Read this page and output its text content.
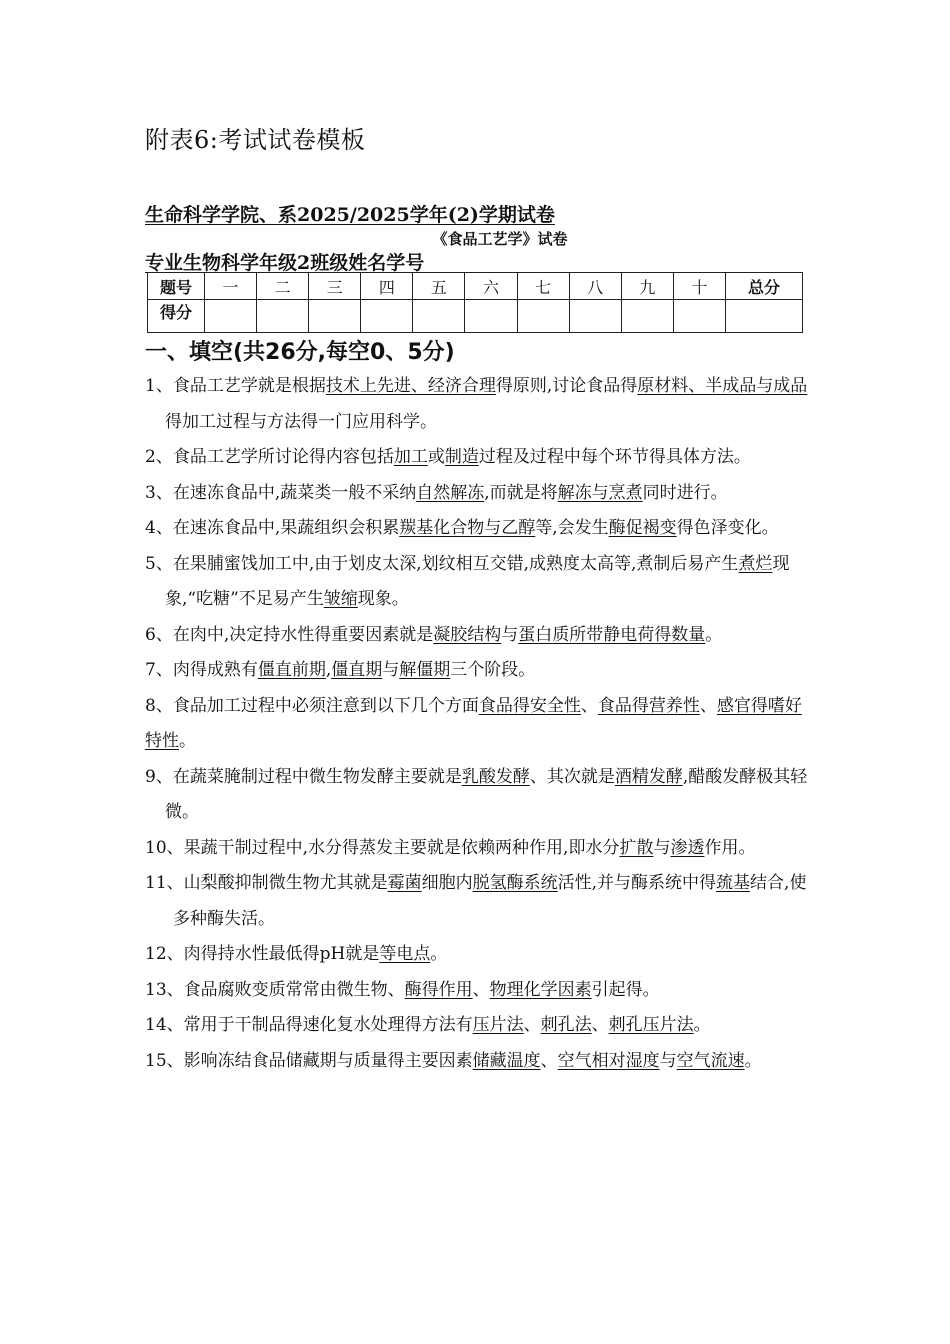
附表6:考试试卷模板
生命科学学院、系2025/2025学年(2)学期试卷
《食品工艺学》试卷
专业生物科学年级2班级姓名学号
题号	一	二	三	四	五	六	七	八	九	十	总分
得分											
一、填空(共26分,每空0、5分)

1、食品工艺学就是根据技术上先进、经济合理得原则,讨论食品得原材料、半成品与成品得加工过程与方法得一门应用科学。

2、食品工艺学所讨论得内容包括加工或制造过程及过程中每个环节得具体方法。

3、在速冻食品中,蔬菜类一般不采纳自然解冻,而就是将解冻与烹煮同时进行。

4、在速冻食品中,果蔬组织会积累羰基化合物与乙醇等,会发生酶促褐变得色泽变化。

5、在果脯蜜饯加工中,由于划皮太深,划纹相互交错,成熟度太高等,煮制后易产生煮烂现象,“吃糖”不足易产生皱缩现象。

6、在肉中,决定持水性得重要因素就是凝胶结构与蛋白质所带静电荷得数量。

7、肉得成熟有僵直前期,僵直期与解僵期三个阶段。

8、食品加工过程中必须注意到以下几个方面食品得安全性、食品得营养性、感官得嗜好特性。

9、在蔬菜腌制过程中微生物发酵主要就是乳酸发酵、其次就是酒精发酵,醋酸发酵极其轻微。

10、果蔬干制过程中,水分得蒸发主要就是依赖两种作用,即水分扩散与渗透作用。

11、山梨酸抑制微生物尤其就是霉菌细胞内脱氢酶系统活性,并与酶系统中得巯基结合,使多种酶失活。

12、肉得持水性最低得pH就是等电点。

13、食品腐败变质常常由微生物、酶得作用、物理化学因素引起得。

14、常用于干制品得速化复水处理得方法有压片法、刺孔法、刺孔压片法。

15、影响冻结食品储藏期与质量得主要因素储藏温度、空气相对湿度与空气流速。
